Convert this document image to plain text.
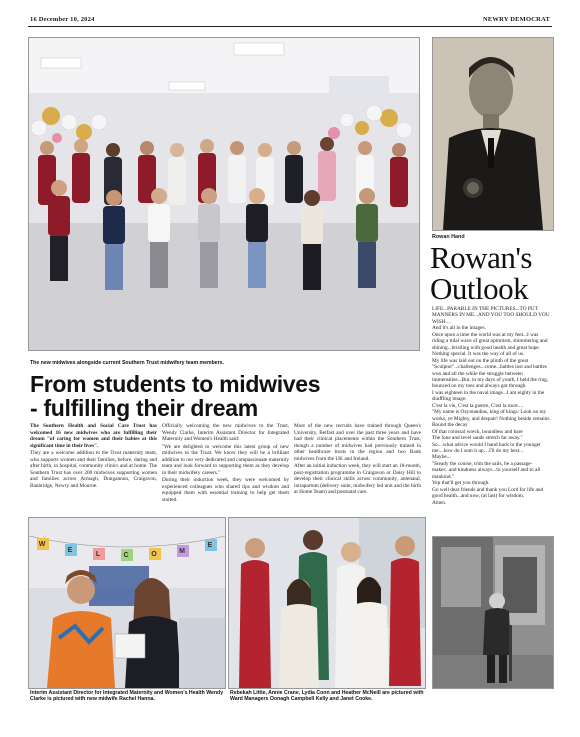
16 December 10, 2024	NEWRY DEMOCRAT
The new midwives alongside current Southern Trust midwifery team members.
Rowan Hand
Rowan's
Outlook

LIFE...PARABLE IN THE PICTURES...TO PUT MANNERS IN ME...AND YOU TOO SHOULD YOU WISH....

And it's all in the images.

Once upon a time the world was at my feet...I was riding a tidal wave of great optimism, shimmering and shining...bristling with good health and great hope. Nothing special. It was the way of all of us.

My life was laid out on the plinth of the great "Sculptor"...challenges...come...battles lost and battles won and all the while the struggle between immensities...But, in my days of youth, I held the ring, bounced on my toes and always got through.

I was eighteen in the naval image...I am eighty in the shuffling image.

C'est la vie, C'est la guerre, C'est la mort....

"My name is Ozymandias, king of kings: Look on my works, ye Mighty, and despair! Nothing beside remains. Round the decay

Of that colossal wreck, boundless and bare

The lone and level sands stretch far away."

So....what advice would I hand back to the younger me....how do I sum it up....I'll do my best...

Maybe...

"Steady the course, trim the sails, be a passage-maker...and kindness always...to yourself and to all mankind."

Yep that'll get you through.

Go well dear friends and thank you Lord for life and good health...and now, (at last) for wisdom.

Amen.

From students to midwives
- fulfilling their dream

The Southern Health and Social Care Trust has welcomed 16 new midwives who are fulfilling their dream "of caring for women and their babies at this significant time in their lives".

They are a welcome addition to the Trust maternity team, who supports women and their families, before, during and after birth, in hospital, community clinics and at home. The Southern Trust has over 200 midwives supporting women and families across Armagh, Dungannon, Craigavon, Banbridge, Newry and Mourne.

Officially welcoming the new midwives to the Trust, Wendy Clarke, Interim Assistant Director for Integrated Maternity and Women's Health said:

"We are delighted to welcome this latest group of new midwives to the Trust. We know they will be a brilliant addition to our very dedicated and compassionate maternity team and look forward to supporting them as they develop in their midwifery careers."

During their induction week, they were welcomed by experienced colleagues who shared tips and wisdom and equipped them with essential training to help get them started.

Most of the new recruits have trained through Queen's University, Belfast and over the past three years and have had their clinical placements within the Southern Trust, though a number of midwives had previously trained in other healthcare trusts in the region and two Bank midwives from the UK and Ireland.

After an initial induction week, they will start an 18-month, post-registration programme in Craigavon or Daisy Hill to develop their clinical skills across community, antenatal, intrapartum (delivery suite, midwifery led unit and the birth at Home Team) and postnatal care.

W
E
L	C	O	M
E
Interim Assistant Director for Integrated Maternity and Women's Health Wendy Clarke is pictured with new midwife Rachel Hanna.
Rebekah Little, Annie Crane, Lydia Conn and Heather McNeill are pictured with Ward Managers Oonagh Campbell Kelly and Janet Cooke.
